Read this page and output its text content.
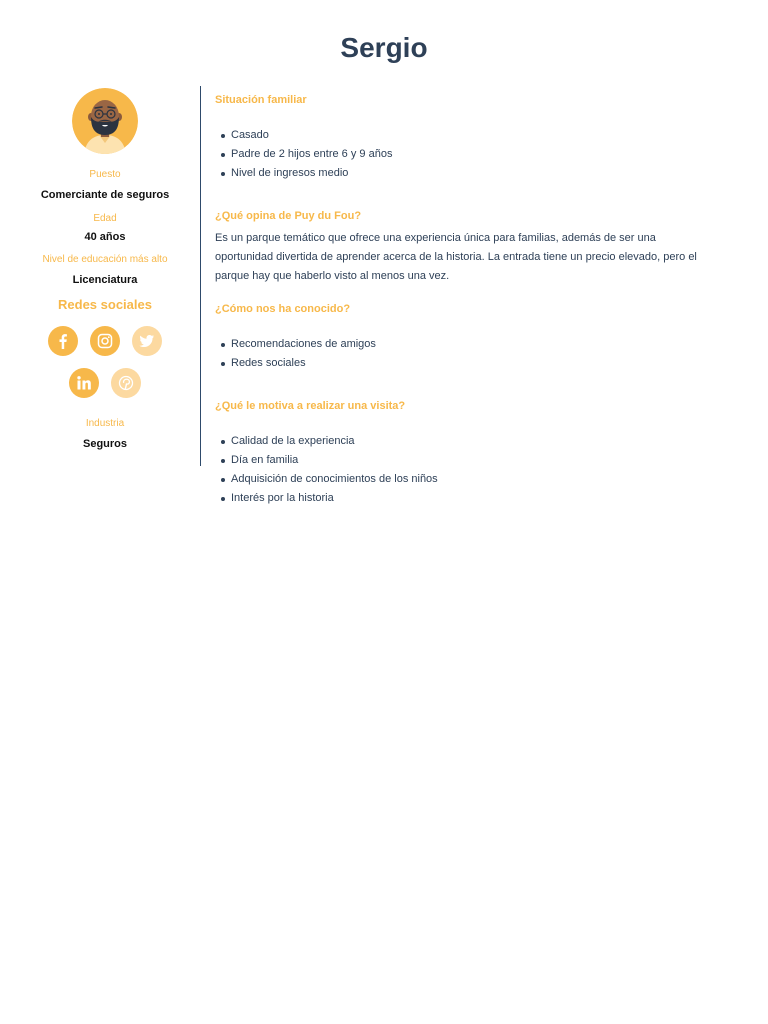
Sergio
Puesto
Comerciante de seguros
Edad
40 años
Nivel de educación más alto
Licenciatura
Redes sociales
Industria
Seguros
Situación familiar
Casado
Padre de 2 hijos entre 6 y 9 años
Nivel de ingresos medio
¿Qué opina de Puy du Fou?

Es un parque temático que ofrece una experiencia única para familias, además de ser una oportunidad divertida de aprender acerca de la historia. La entrada tiene un precio elevado, pero el parque hay que haberlo visto al menos una vez.

¿Cómo nos ha conocido?
Recomendaciones de amigos
Redes sociales
¿Qué le motiva a realizar una visita?
Calidad de la experiencia
Día en familia
Adquisición de conocimientos de los niños
Interés por la historia
